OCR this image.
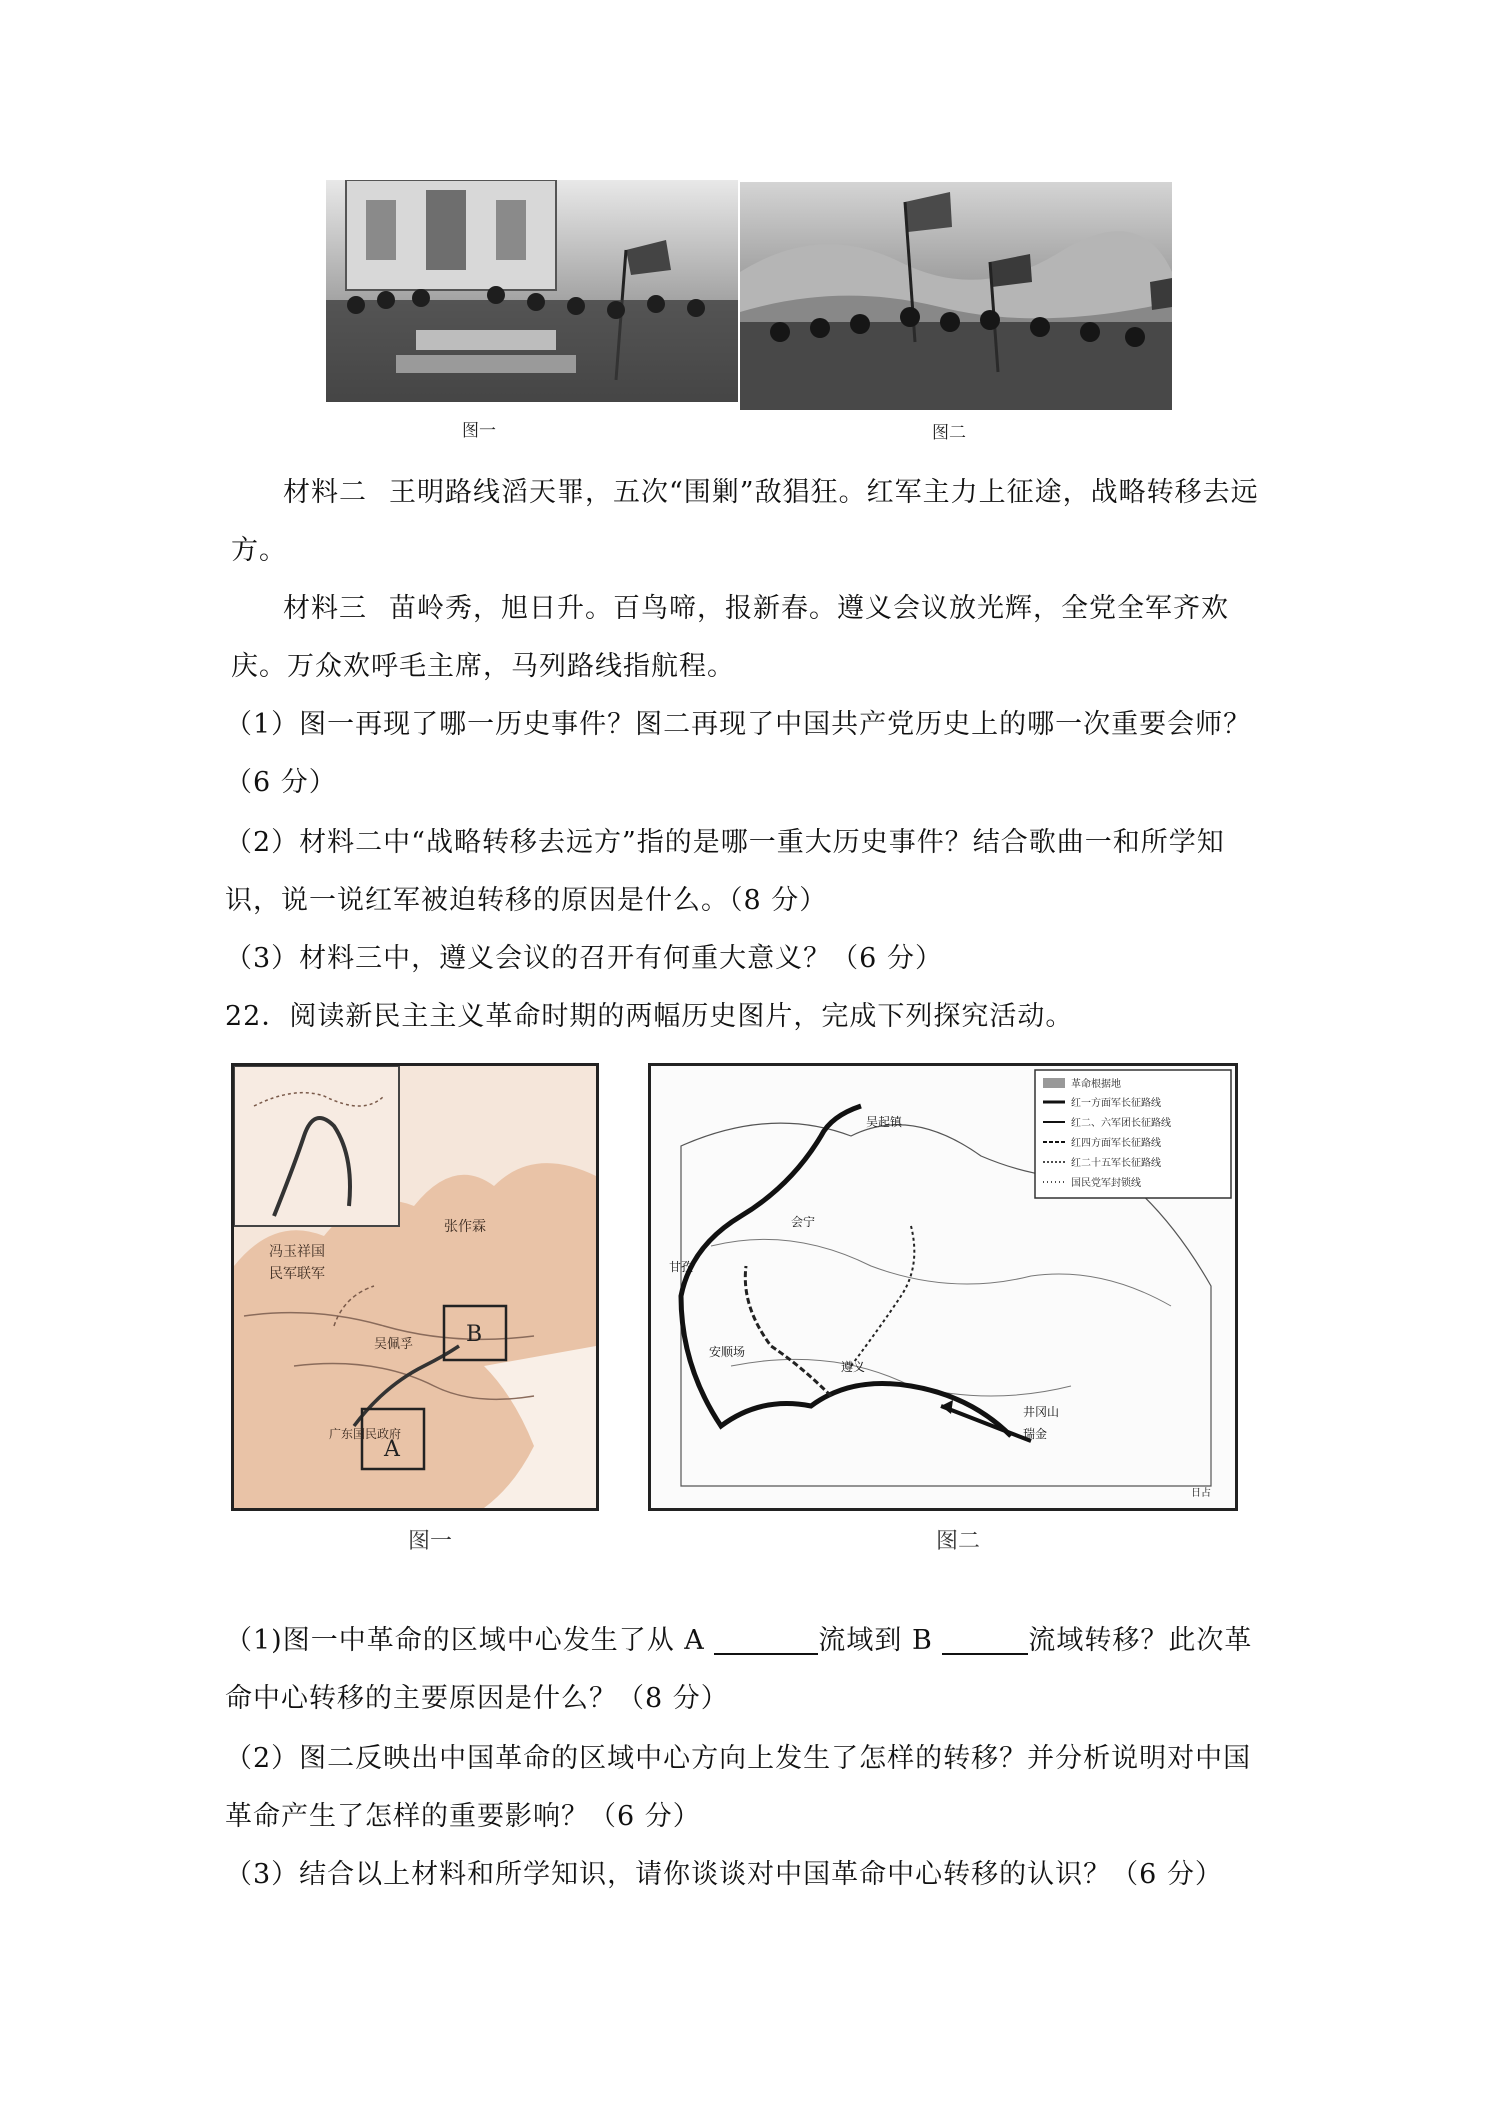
图一	图二
材料二 王明路线滔天罪，五次“围剿”敌猖狂。红军主力上征途，战略转移去远方。
材料三 苗岭秀，旭日升。百鸟啼，报新春。遵义会议放光辉，全党全军齐欢庆。万众欢呼毛主席，马列路线指航程。
（1）图一再现了哪一历史事件？图二再现了中国共产党历史上的哪一次重要会师？（6 分）
（2）材料二中“战略转移去远方”指的是哪一重大历史事件？结合歌曲一和所学知识，说一说红军被迫转移的原因是什么。（8 分）
（3）材料三中，遵义会议的召开有何重大意义？（6 分）
22．阅读新民主主义革命时期的两幅历史图片，完成下列探究活动。
冯玉祥国
民军联军
张作霖
吴佩孚
广东国民政府
A
B
图一
革命根据地
红一方面军长征路线
红二、六军团长征路线
红四方面军长征路线
红二十五军长征路线
国民党军封锁线
甘孜
安顺场
遵义
井冈山
瑞金
吴起镇
会宁
日占
图二
（1)图一中革命的区域中心发生了从 A	流域到 B	流域转移？此次革命中心转移的主要原因是什么？（8 分）
（2）图二反映出中国革命的区域中心方向上发生了怎样的转移？并分析说明对中国革命产生了怎样的重要影响？（6 分）
（3）结合以上材料和所学知识，请你谈谈对中国革命中心转移的认识？（6 分）
